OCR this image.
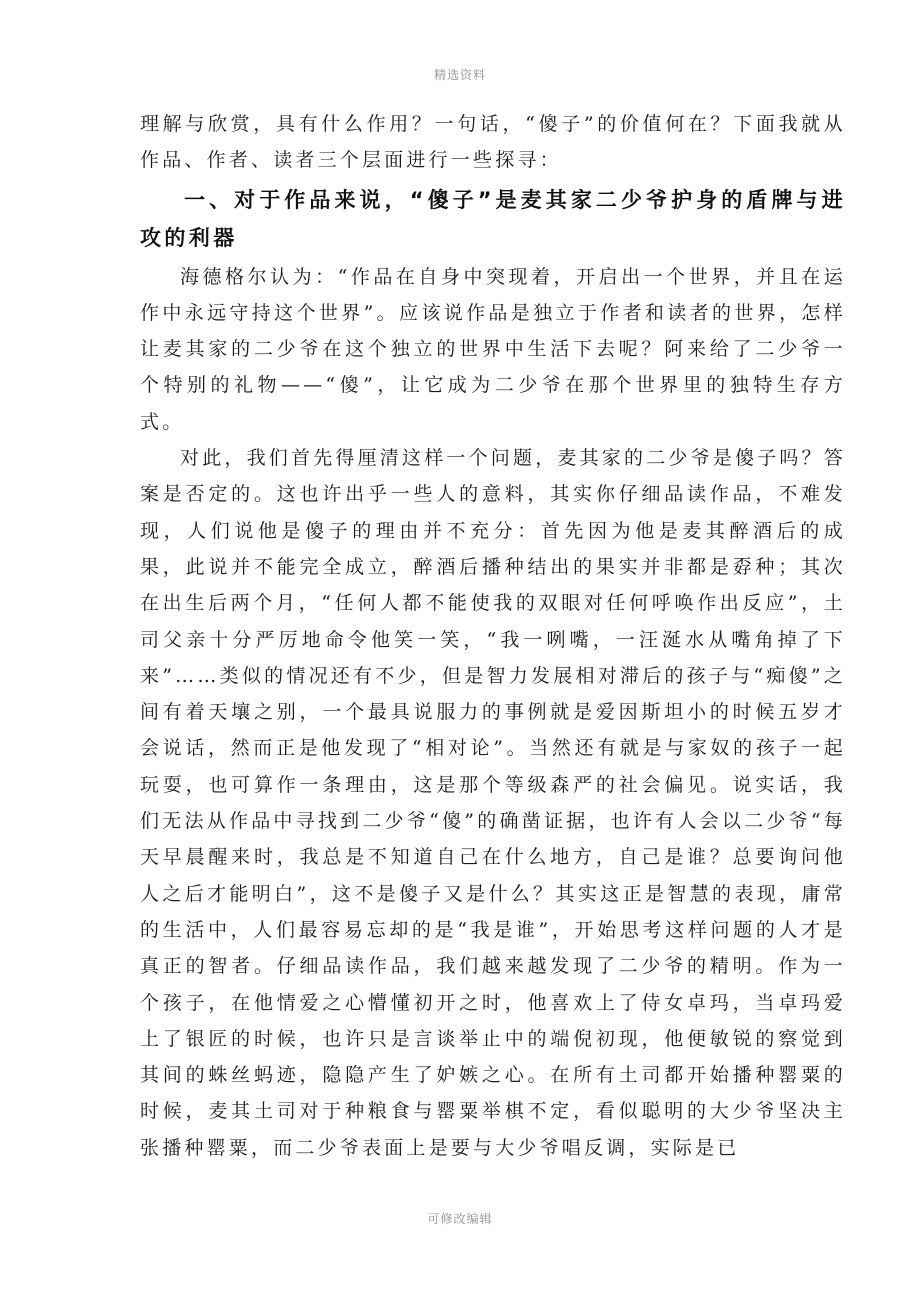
精选资料

理解与欣赏，具有什么作用？一句话，“傻子”的价值何在？下面我就从作品、作者、读者三个层面进行一些探寻：

一、对于作品来说，“傻子”是麦其家二少爷护身的盾牌与进攻的利器

海德格尔认为：“作品在自身中突现着，开启出一个世界，并且在运作中永远守持这个世界”。应该说作品是独立于作者和读者的世界，怎样让麦其家的二少爷在这个独立的世界中生活下去呢？阿来给了二少爷一个特别的礼物——“傻”，让它成为二少爷在那个世界里的独特生存方式。

对此，我们首先得厘清这样一个问题，麦其家的二少爷是傻子吗？答案是否定的。这也许出乎一些人的意料，其实你仔细品读作品，不难发现，人们说他是傻子的理由并不充分：首先因为他是麦其醉酒后的成果，此说并不能完全成立，醉酒后播种结出的果实并非都是孬种；其次在出生后两个月，“任何人都不能使我的双眼对任何呼唤作出反应”，土司父亲十分严厉地命令他笑一笑，“我一咧嘴，一汪涎水从嘴角掉了下来”……类似的情况还有不少，但是智力发展相对滞后的孩子与“痴傻”之间有着天壤之别，一个最具说服力的事例就是爱因斯坦小的时候五岁才会说话，然而正是他发现了“相对论”。当然还有就是与家奴的孩子一起玩耍，也可算作一条理由，这是那个等级森严的社会偏见。说实话，我们无法从作品中寻找到二少爷“傻”的确凿证据，也许有人会以二少爷“每天早晨醒来时，我总是不知道自己在什么地方，自己是谁？总要询问他人之后才能明白”，这不是傻子又是什么？其实这正是智慧的表现，庸常的生活中，人们最容易忘却的是“我是谁”，开始思考这样问题的人才是真正的智者。仔细品读作品，我们越来越发现了二少爷的精明。作为一个孩子，在他情爱之心懵懂初开之时，他喜欢上了侍女卓玛，当卓玛爱上了银匠的时候，也许只是言谈举止中的端倪初现，他便敏锐的察觉到其间的蛛丝蚂迹，隐隐产生了妒嫉之心。在所有土司都开始播种罂粟的时候，麦其土司对于种粮食与罂粟举棋不定，看似聪明的大少爷坚决主张播种罂粟，而二少爷表面上是要与大少爷唱反调，实际是已

可修改编辑
